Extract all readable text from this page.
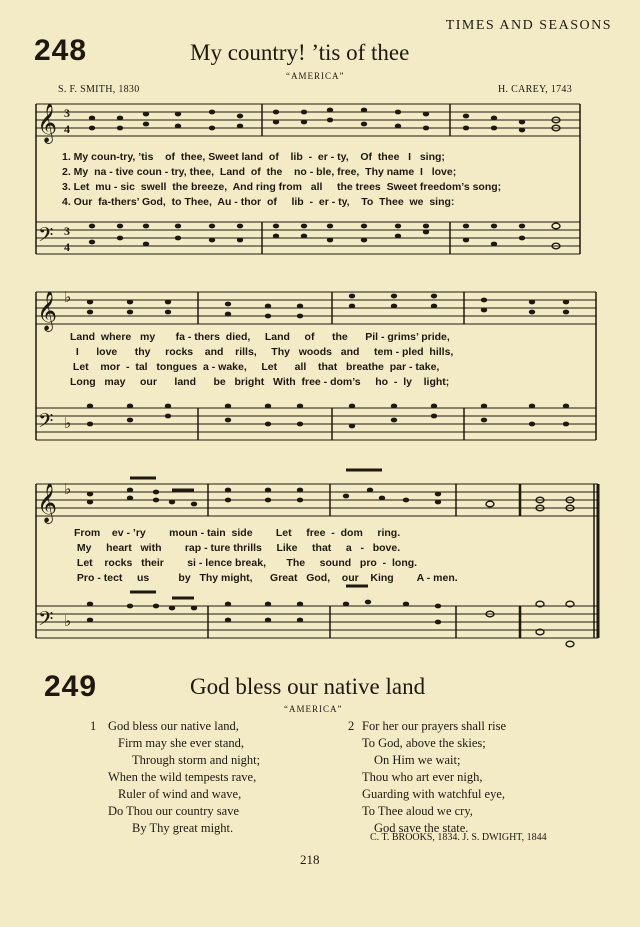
TIMES AND SEASONS
248	My country! ’tis of thee
“AMERICA”
S. F. SMITH, 1830	H. CAREY, 1743
𝄞
𝄢
3
4
3
4
1. My coun-try, ’tis    of  thee, Sweet land  of    lib  -  er - ty,    Of  thee   I   sing;
2. My  na - tive coun - try, thee,  Land  of  the    no - ble, free,  Thy name  I   love;
3. Let  mu - sic  swell  the breeze,  And ring from   all     the trees  Sweet freedom’s song;
4. Our  fa-thers’ God,  to Thee,  Au - thor  of     lib  -  er - ty,    To  Thee  we  sing:
𝄞
𝄢
♭
♭
Land  where   my       fa - thers  died,     Land     of      the      Pil - grims’ pride,
I      love      thy     rocks    and    rills,     Thy   woods   and     tem - pled  hills,
Let    mor  -  tal   tongues  a - wake,     Let      all    that   breathe  par - take,
Long   may     our      land      be   bright   With  free - dom’s     ho  -  ly    light;
𝄞
𝄢
♭
♭
From    ev - ’ry        moun - tain  side        Let     free  -  dom     ring.
My     heart   with        rap - ture thrills     Like     that     a   -   bove.
Let    rocks   their        si - lence break,       The     sound   pro  -  long.
Pro - tect     us          by   Thy might,      Great   God,    our    King        A - men.
249	God bless our native land
“AMERICA”
1 God bless our native land,
Firm may she ever stand,
Through storm and night;
When the wild tempests rave,
Ruler of wind and wave,
Do Thou our country save
By Thy great might.
2 For her our prayers shall rise
To God, above the skies;
On Him we wait;
Thou who art ever nigh,
Guarding with watchful eye,
To Thee aloud we cry,
God save the state.
C. T. BROOKS, 1834. J. S. DWIGHT, 1844
218
